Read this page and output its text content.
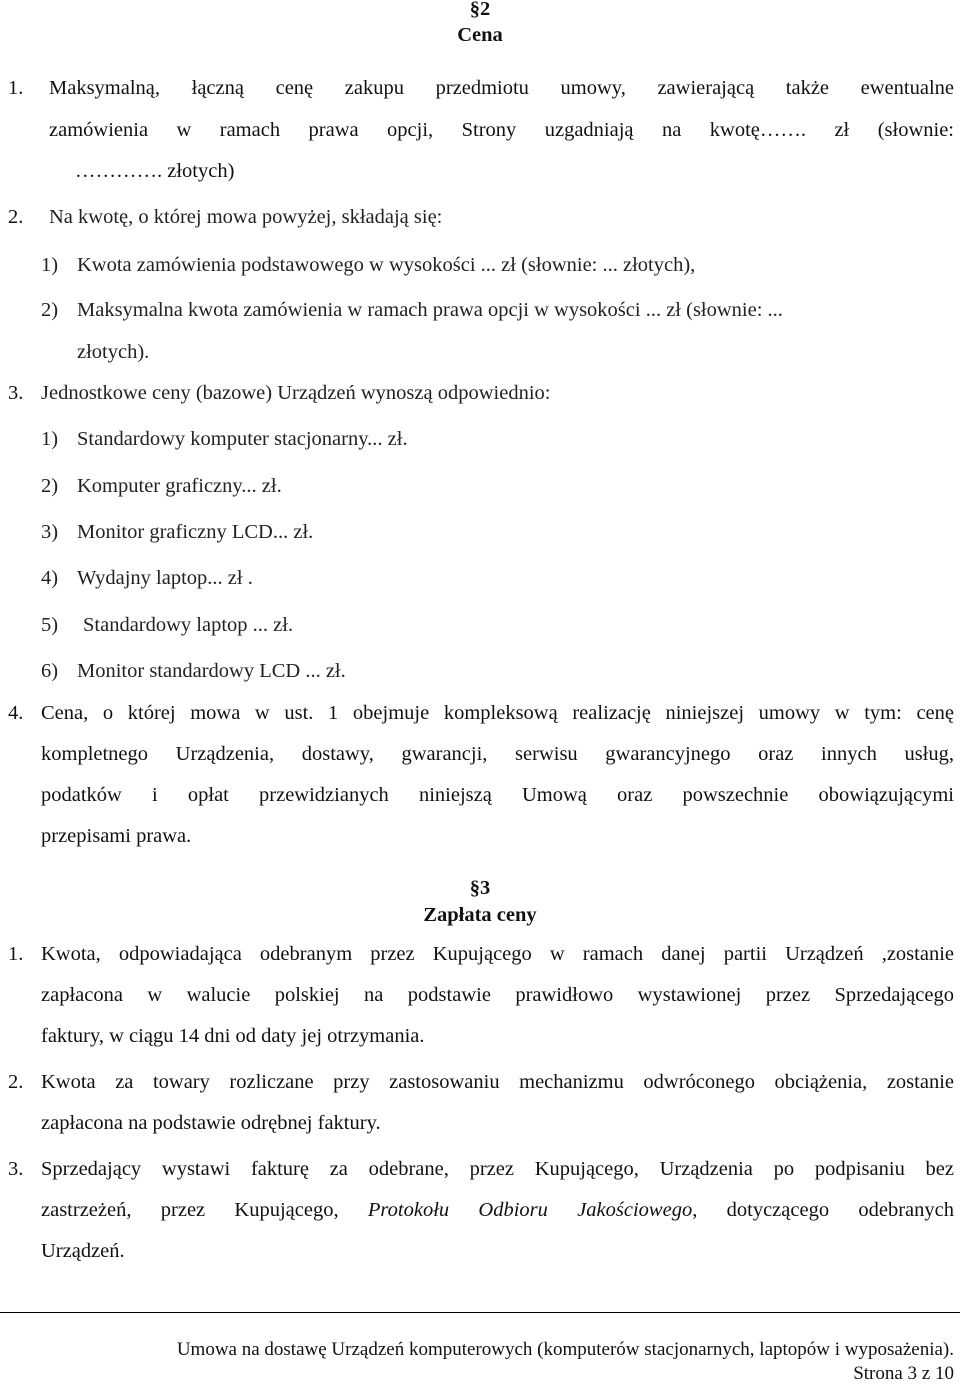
§2
Cena
1. Maksymalną, łączną cenę zakupu przedmiotu umowy, zawierającą także ewentualne
zamówienia w ramach prawa opcji, Strony uzgadniają na kwotę……. zł (słownie:
…………. złotych)
2. Na kwotę, o której mowa powyżej, składają się:
1) Kwota zamówienia podstawowego w wysokości ... zł (słownie: ... złotych),
2) Maksymalna kwota zamówienia w ramach prawa opcji w wysokości ... zł (słownie: ...
złotych).
3. Jednostkowe ceny (bazowe) Urządzeń wynoszą odpowiednio:
1) Standardowy komputer stacjonarny... zł.
2) Komputer graficzny... zł.
3) Monitor graficzny LCD... zł.
4) Wydajny laptop... zł .
5) Standardowy laptop ... zł.
6) Monitor standardowy LCD ... zł.
4. Cena, o której mowa w ust. 1 obejmuje kompleksową realizację niniejszej umowy w tym: cenę
kompletnego Urządzenia, dostawy, gwarancji, serwisu gwarancyjnego oraz innych usług,
podatków i opłat przewidzianych niniejszą Umową oraz powszechnie obowiązującymi
przepisami prawa.
§3
Zapłata ceny
1. Kwota, odpowiadająca odebranym przez Kupującego w ramach danej partii Urządzeń ,zostanie
zapłacona w walucie polskiej na podstawie prawidłowo wystawionej przez Sprzedającego
faktury, w ciągu 14 dni od daty jej otrzymania.
2. Kwota za towary rozliczane przy zastosowaniu mechanizmu odwróconego obciążenia, zostanie
zapłacona na podstawie odrębnej faktury.
3. Sprzedający wystawi fakturę za odebrane, przez Kupującego, Urządzenia po podpisaniu bez
zastrzeżeń, przez Kupującego, Protokołu Odbioru Jakościowego, dotyczącego odebranych
Urządzeń.
Umowa na dostawę Urządzeń komputerowych (komputerów stacjonarnych, laptopów i wyposażenia).
Strona 3 z 10
